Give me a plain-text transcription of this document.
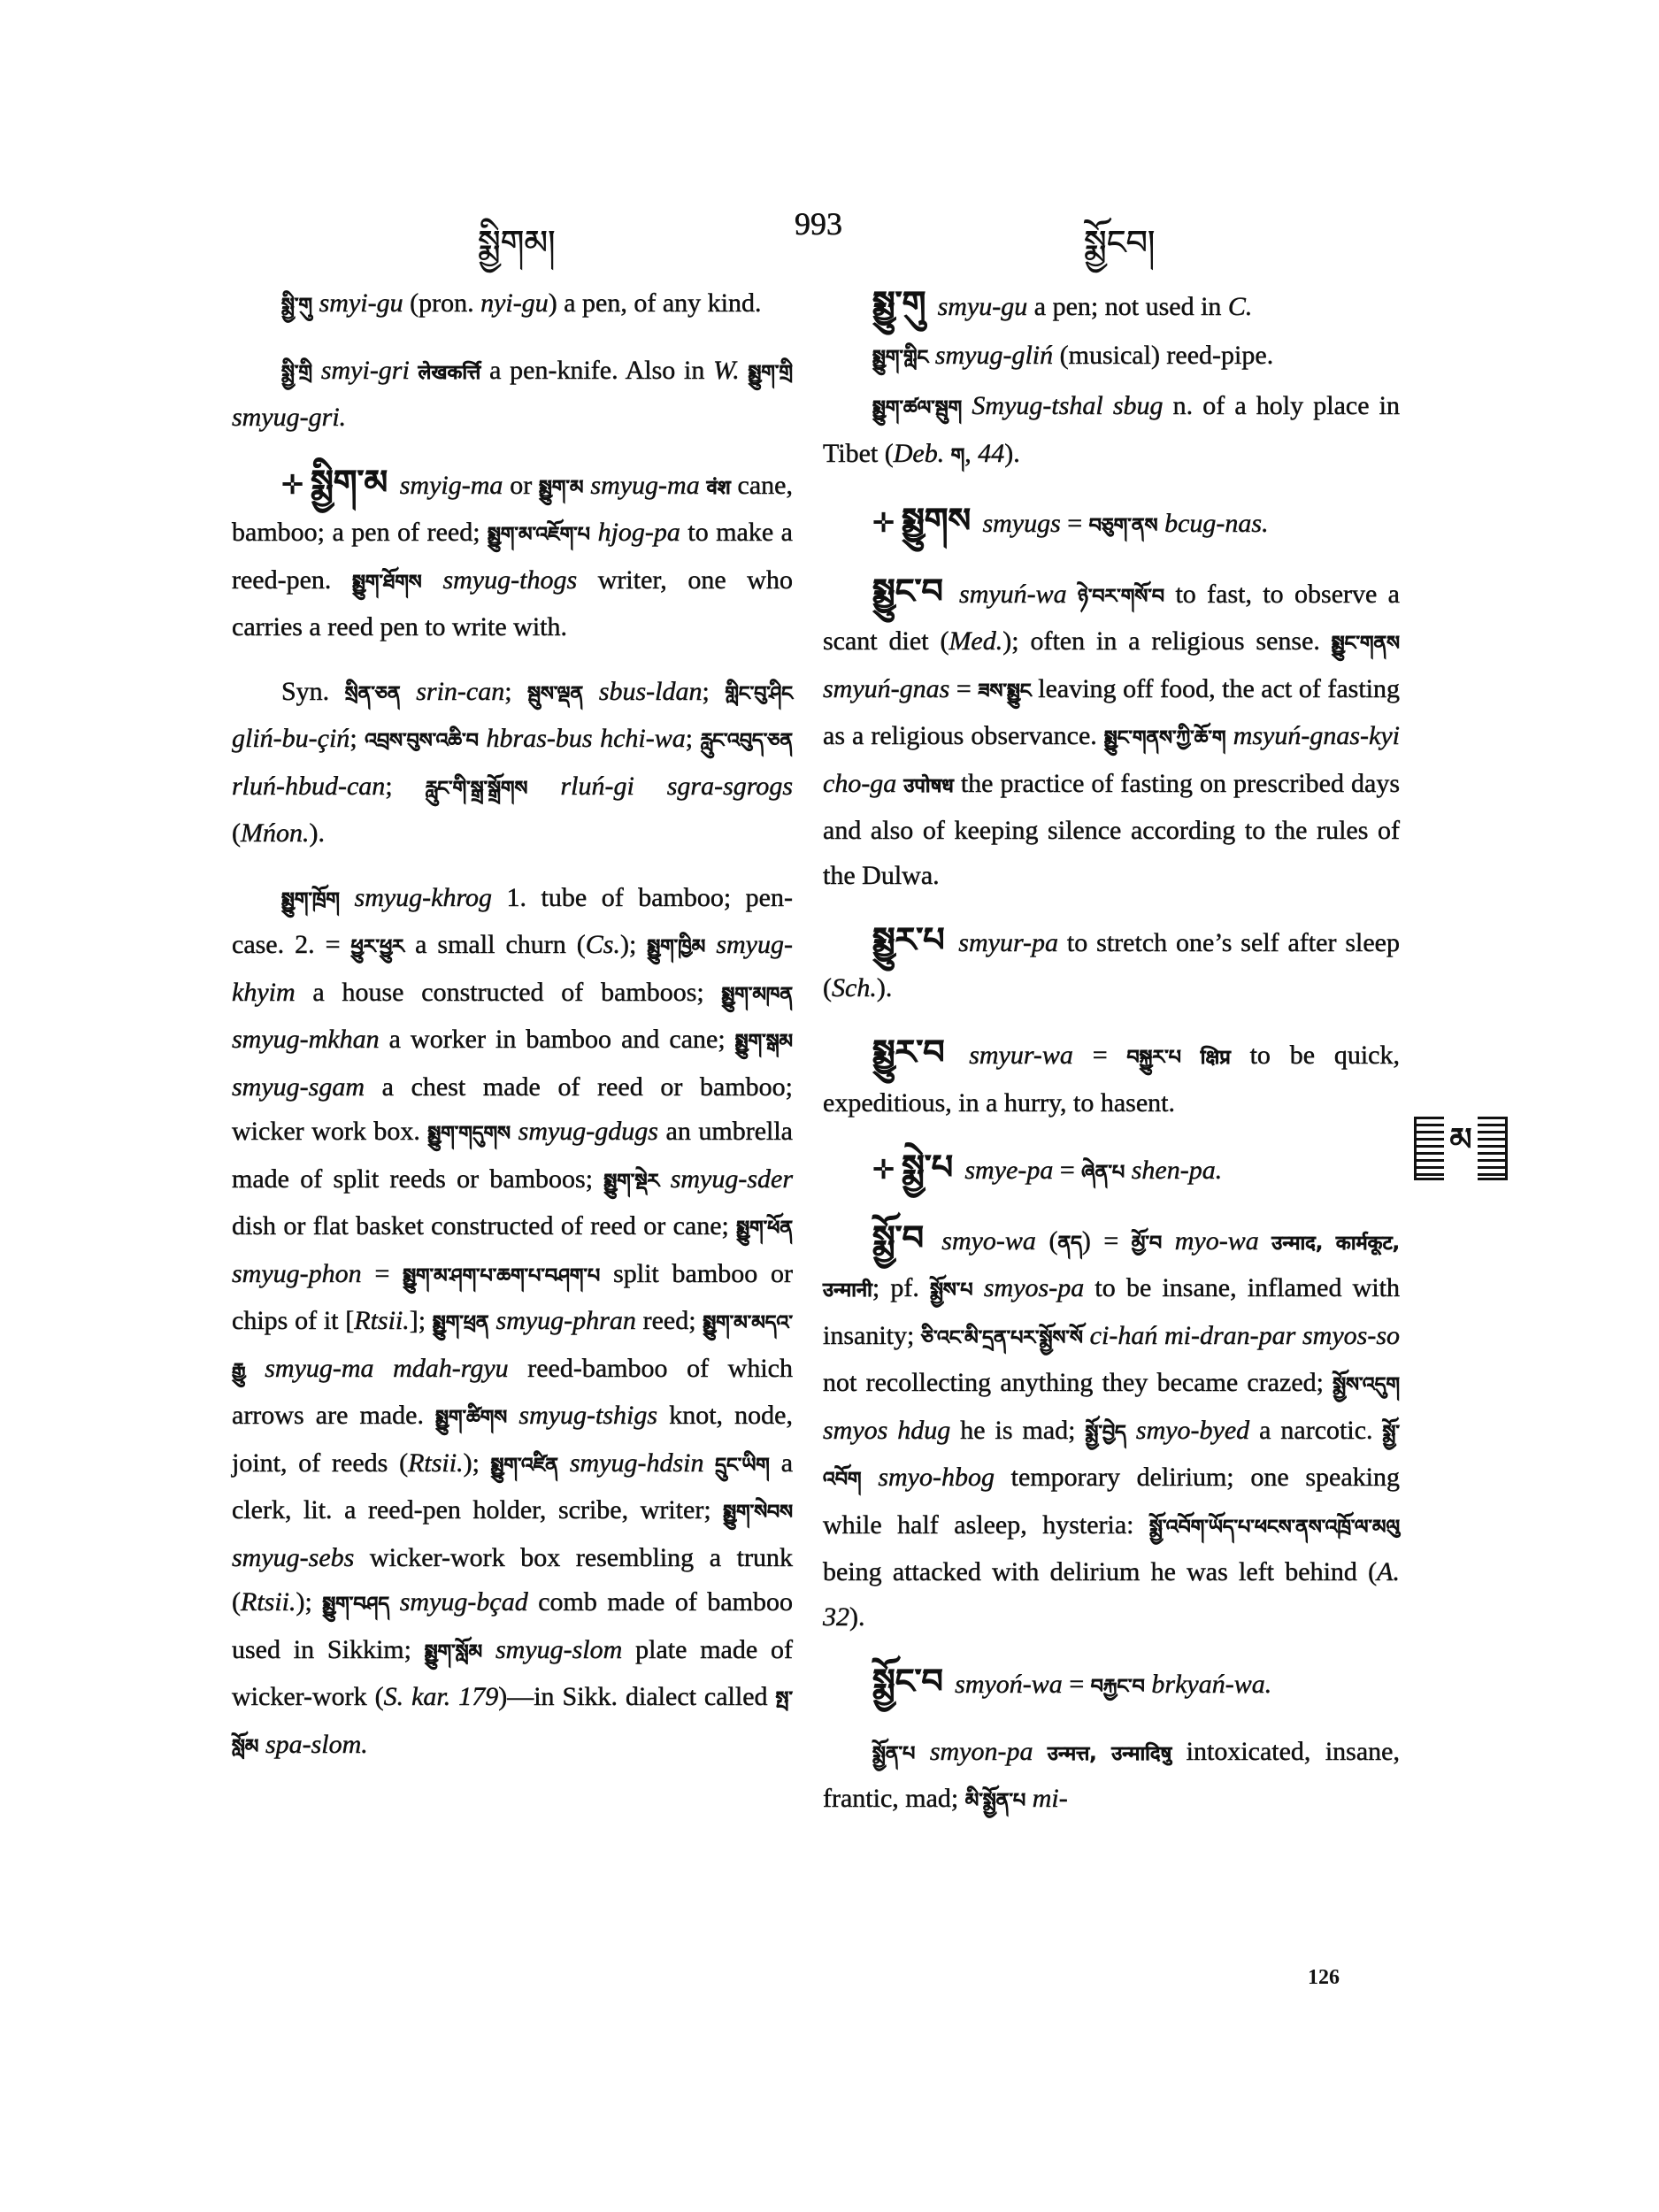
སྨྱིགམ།
993
སྨྱོངབ།

སྨྱི་གུ smyi-gu (pron. nyi-gu) a pen, of any kind.

སྨྱི་གྲི smyi-gri लेखकर्त्ति a pen-knife. Also in W. སྨྱུག་གྲི smyug-gri.

✛ སྨྱིག་མ smyig-ma or སྨྱུག་མ smyug-ma वंश cane, bamboo; a pen of reed; སྨྱུག་མ་འཇོག་པ hjog-pa to make a reed-pen. སྨྱུག་ཐོགས smyug-thogs writer, one who carries a reed pen to write with.

Syn. སྲིན་ཅན srin-can; སྦུས་ལྡན sbus-ldan; གླིང་བུ་ཤིང gliń-bu-çiń; འབྲས་བུས་འཆི་བ hbras-bus hchi-wa; རླུང་འབུད་ཅན rluń-hbud-can; རླུང་གི་སྒྲ་སྒྲོགས rluń-gi sgra-sgrogs (Mńon.).

སྨྱུག་ཁྲོག smyug-khrog 1. tube of bamboo; pen-case. 2. = ཕྱུར་ཕྱུར a small churn (Cs.); སྨྱུག་ཁྱིམ smyug-khyim a house constructed of bamboos; སྨྱུག་མཁན smyug-mkhan a worker in bamboo and cane; སྨྱུག་སྒམ smyug-sgam a chest made of reed or bamboo; wicker work box. སྨྱུག་གདུགས smyug-gdugs an umbrella made of split reeds or bamboos; སྨྱུག་སྡེར smyug-sder dish or flat basket constructed of reed or cane; སྨྱུག་ཕོན smyug-phon = སྨྱུག་མ་ཤག་པ་ཆག་པ་བཤག་པ split bamboo or chips of it [Rtsii.]; སྨྱུག་ཕྲན smyug-phran reed; སྨྱུག་མ་མདའ་རྒྱུ smyug-ma mdah-rgyu reed-bamboo of which arrows are made. སྨྱུག་ཚིགས smyug-tshigs knot, node, joint, of reeds (Rtsii.); སྨྱུག་འཛིན smyug-hdsin དྲུང་ཡིག a clerk, lit. a reed-pen holder, scribe, writer; སྨྱུག་སེབས smyug-sebs wicker-work box resembling a trunk (Rtsii.); སྨྱུག་བཤད smyug-bçad comb made of bamboo used in Sikkim; སྨྱུག་སློམ smyug-slom plate made of wicker-work (S. kar. 179)—in Sikk. dialect called སྤ་སློམ spa-slom.

སྨྱུ་གུ smyu-gu a pen; not used in C.

སྨྱུག་གླིང smyug-gliń (musical) reed-pipe.

སྨྱུག་ཚལ་སྦུག Smyug-tshal sbug n. of a holy place in Tibet (Deb. ག, 44).

✛ སྨྱུགས smyugs = བཅུག་ནས bcug-nas.

སྨྱུང་བ smyuń-wa ཉེ་བར་གསོ་བ to fast, to observe a scant diet (Med.); often in a religious sense. སྨྱུང་གནས smyuń-gnas = ཟས་སྨྱུང leaving off food, the act of fasting as a religious observance. སྨྱུང་གནས་ཀྱི་ཆོ་ག msyuń-gnas-kyi cho-ga उपोषध the practice of fasting on prescribed days and also of keeping silence according to the rules of the Dulwa.

སྨྱུར་པ smyur-pa to stretch one’s self after sleep (Sch.).

སྨྱུར་བ smyur-wa = བསྐྱུར་པ क्षिप्र to be quick, expeditious, in a hurry, to hasent.

✛ སྨྱེ་པ smye-pa = ཞེན་པ shen-pa.

སྨྱོ་བ smyo-wa (ནད) = མྱོ་བ myo-wa उन्माद, कार्मकूट, उन्मानी; pf. སྨྱོས་པ smyos-pa to be insane, inflamed with insanity; ཅི་འང་མི་དྲན་པར་སྨྱོས་སོ ci-hań mi-dran-par smyos-so not recollecting anything they became crazed; སྨྱོས་འདུག smyos hdug he is mad; སྨྱོ་བྱེད smyo-byed a narcotic. སྨྱོ་འབོག smyo-hbog temporary delirium; one speaking while half asleep, hysteria: སྨྱོ་འབོག་ཡོད་པ་ཕངས་ནས་འཁྲོ་ལ་མལུ being attacked with delirium he was left behind (A. 32).

སྨྱོང་བ smyoń-wa = བརྐྱང་བ brkyań-wa.

སྨྱོན་པ smyon-pa उन्मत्त, उन्मादिषु intoxicated, insane, frantic, mad; མི་སྨྱོན་པ mi-

མ
126
